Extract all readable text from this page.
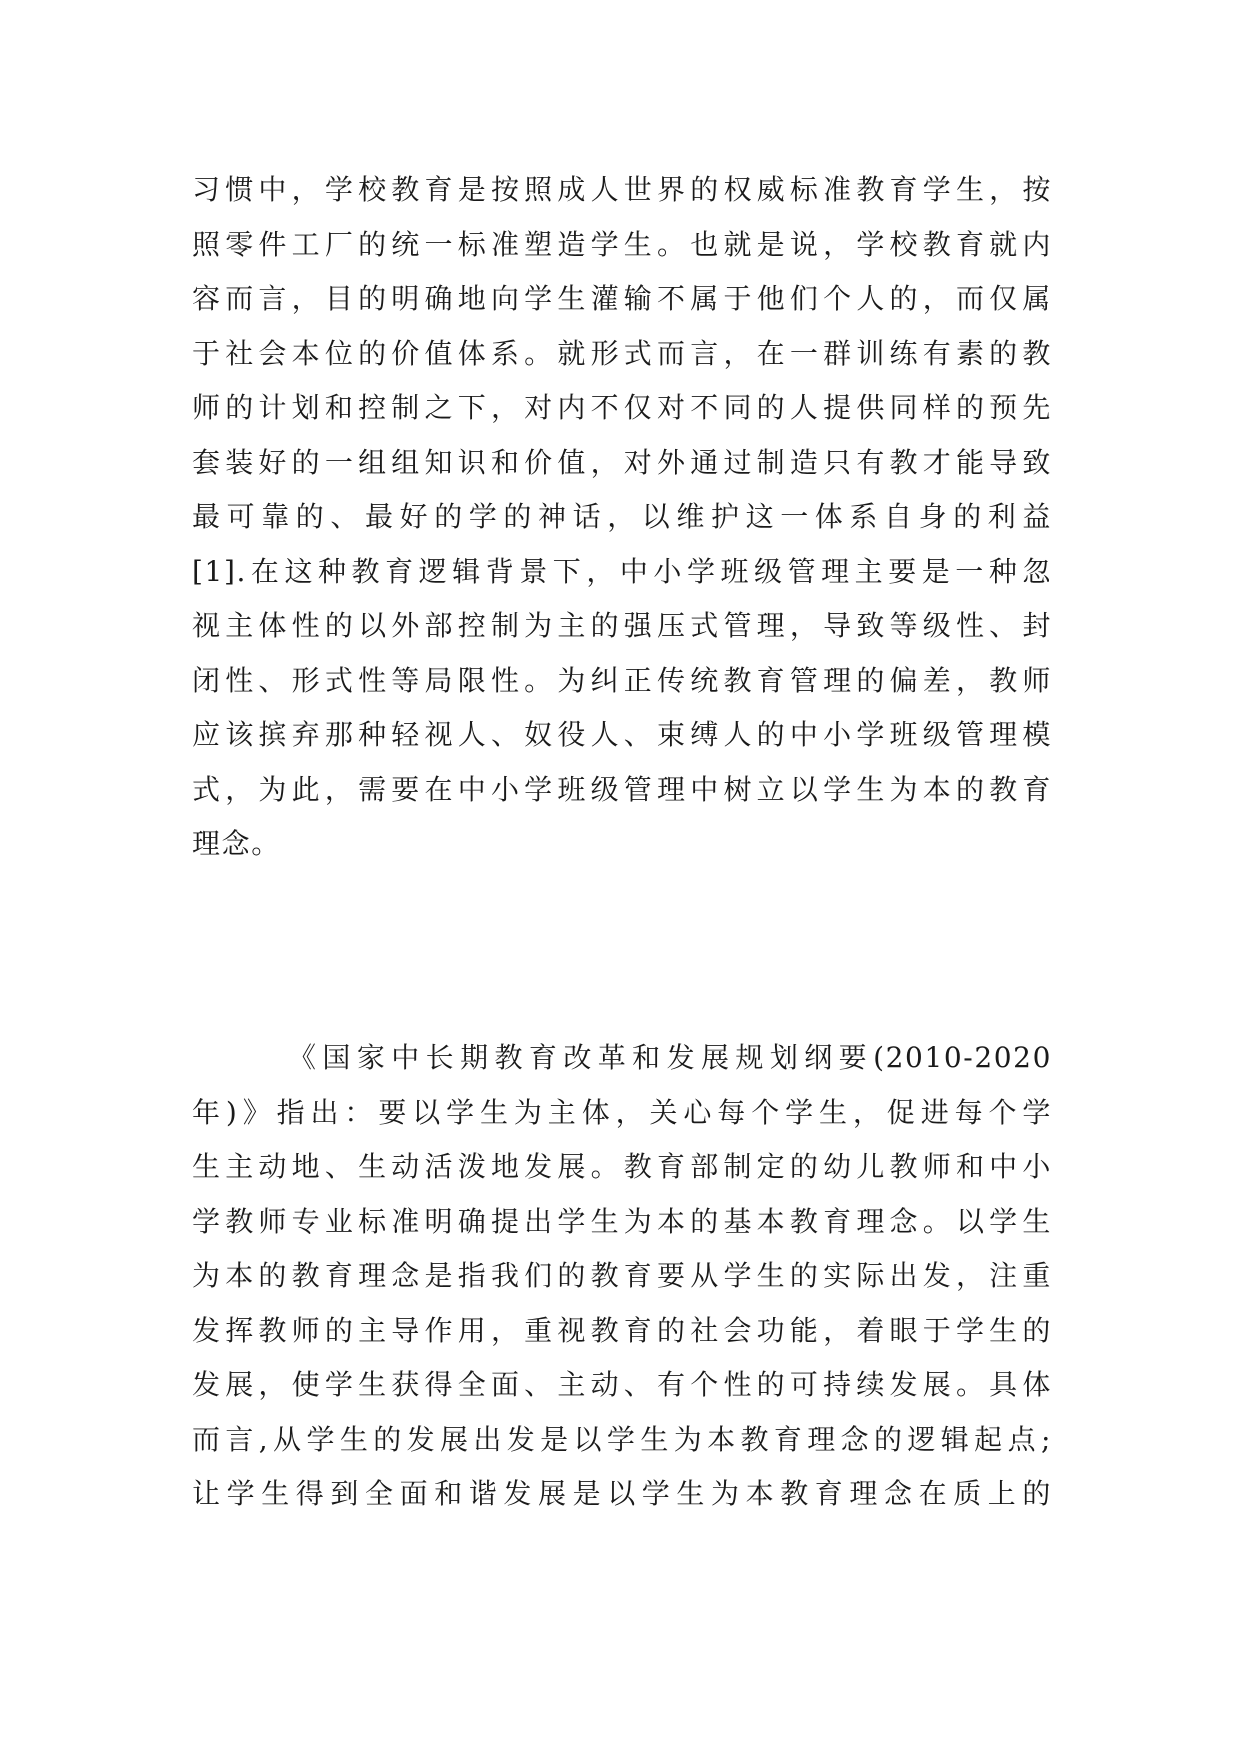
习惯中，学校教育是按照成人世界的权威标准教育学生，按
照零件工厂的统一标准塑造学生。也就是说，学校教育就内
容而言，目的明确地向学生灌输不属于他们个人的，而仅属
于社会本位的价值体系。就形式而言，在一群训练有素的教
师的计划和控制之下，对内不仅对不同的人提供同样的预先
套装好的一组组知识和价值，对外通过制造只有教才能导致
最可靠的、最好的学的神话，以维护这一体系自身的利益
[1].在这种教育逻辑背景下，中小学班级管理主要是一种忽
视主体性的以外部控制为主的强压式管理，导致等级性、封
闭性、形式性等局限性。为纠正传统教育管理的偏差，教师
应该摈弃那种轻视人、奴役人、束缚人的中小学班级管理模
式，为此，需要在中小学班级管理中树立以学生为本的教育
理念。
《国家中长期教育改革和发展规划纲要(2010-2020
年)》指出：要以学生为主体，关心每个学生，促进每个学
生主动地、生动活泼地发展。教育部制定的幼儿教师和中小
学教师专业标准明确提出学生为本的基本教育理念。以学生
为本的教育理念是指我们的教育要从学生的实际出发，注重
发挥教师的主导作用，重视教育的社会功能，着眼于学生的
发展，使学生获得全面、主动、有个性的可持续发展。具体
而言,从学生的发展出发是以学生为本教育理念的逻辑起点;
让学生得到全面和谐发展是以学生为本教育理念在质上的
